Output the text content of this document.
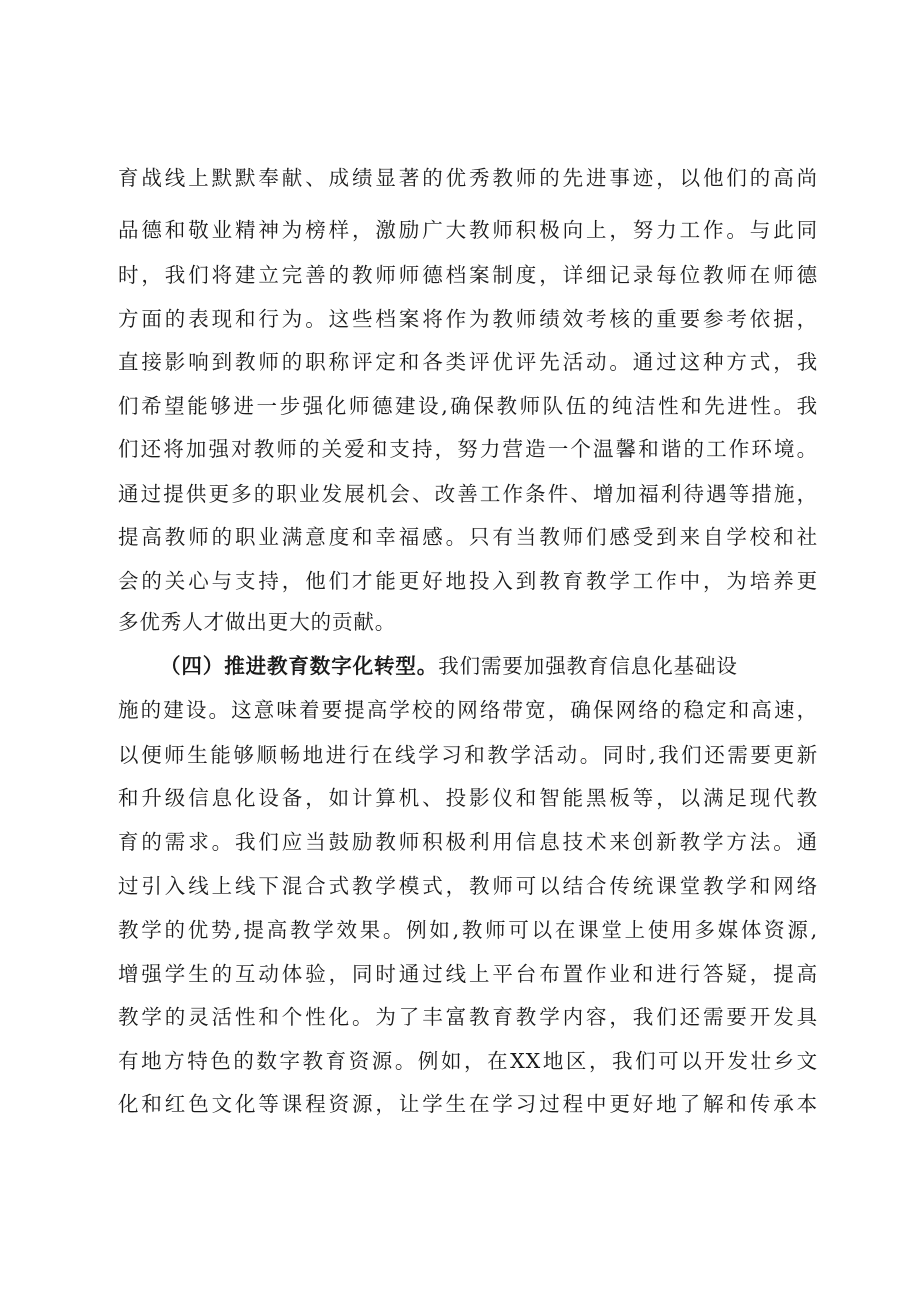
育战线上默默奉献、成绩显著的优秀教师的先进事迹，以他们的高尚
品德和敬业精神为榜样，激励广大教师积极向上，努力工作。与此同
时，我们将建立完善的教师师德档案制度，详细记录每位教师在师德
方面的表现和行为。这些档案将作为教师绩效考核的重要参考依据，
直接影响到教师的职称评定和各类评优评先活动。通过这种方式，我
们希望能够进一步强化师德建设,确保教师队伍的纯洁性和先进性。我
们还将加强对教师的关爱和支持，努力营造一个温馨和谐的工作环境。
通过提供更多的职业发展机会、改善工作条件、增加福利待遇等措施，
提高教师的职业满意度和幸福感。只有当教师们感受到来自学校和社
会的关心与支持，他们才能更好地投入到教育教学工作中，为培养更
多优秀人才做出更大的贡献。
（四）推进教育数字化转型。我们需要加强教育信息化基础设
施的建设。这意味着要提高学校的网络带宽，确保网络的稳定和高速，
以便师生能够顺畅地进行在线学习和教学活动。同时,我们还需要更新
和升级信息化设备，如计算机、投影仪和智能黑板等，以满足现代教
育的需求。我们应当鼓励教师积极利用信息技术来创新教学方法。通
过引入线上线下混合式教学模式，教师可以结合传统课堂教学和网络
教学的优势,提高教学效果。例如,教师可以在课堂上使用多媒体资源,
增强学生的互动体验，同时通过线上平台布置作业和进行答疑，提高
教学的灵活性和个性化。为了丰富教育教学内容，我们还需要开发具
有地方特色的数字教育资源。例如，在XX地区，我们可以开发壮乡文
化和红色文化等课程资源，让学生在学习过程中更好地了解和传承本
